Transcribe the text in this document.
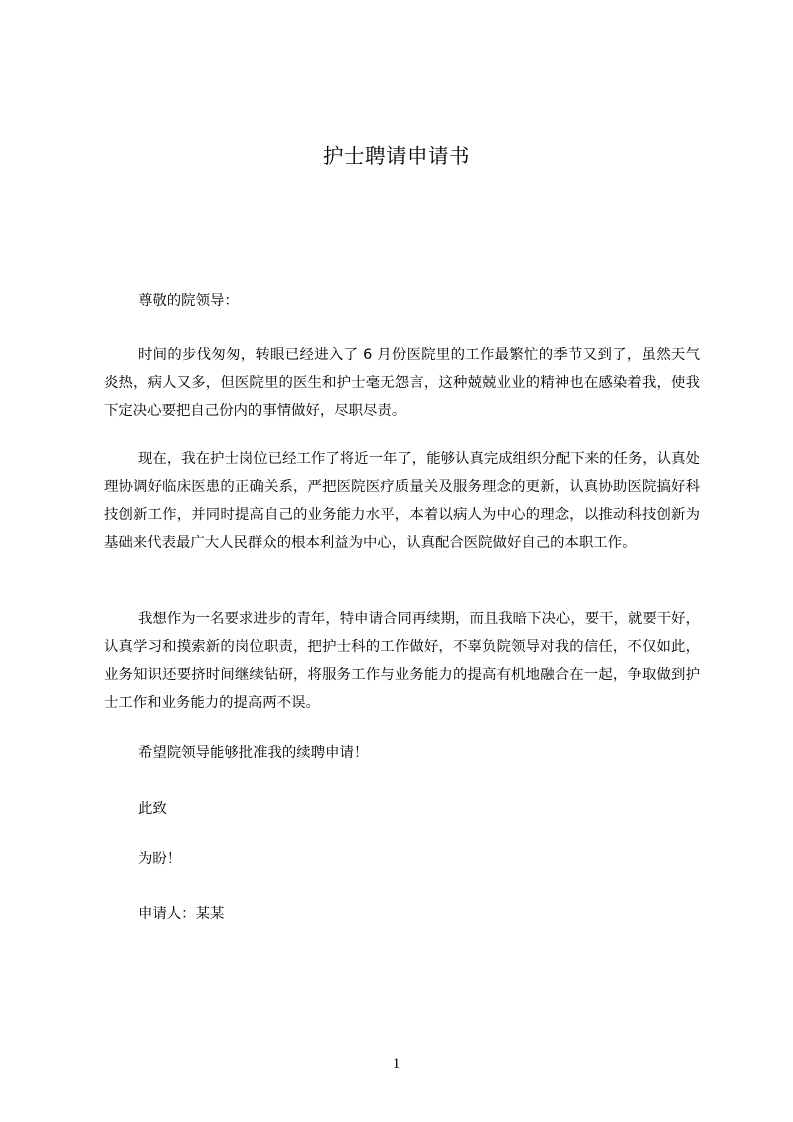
护士聘请申请书

尊敬的院领导：

时间的步伐匆匆，转眼已经进入了 6 月份医院里的工作最繁忙的季节又到了，虽然天气炎热，病人又多，但医院里的医生和护士毫无怨言，这种兢兢业业的精神也在感染着我，使我下定决心要把自己份内的事情做好，尽职尽责。

现在，我在护士岗位已经工作了将近一年了，能够认真完成组织分配下来的任务，认真处理协调好临床医患的正确关系，严把医院医疗质量关及服务理念的更新，认真协助医院搞好科技创新工作，并同时提高自己的业务能力水平，本着以病人为中心的理念，以推动科技创新为基础来代表最广大人民群众的根本利益为中心，认真配合医院做好自己的本职工作。

我想作为一名要求进步的青年，特申请合同再续期，而且我暗下决心，要干，就要干好，认真学习和摸索新的岗位职责，把护士科的工作做好，不辜负院领导对我的信任，不仅如此，业务知识还要挤时间继续钻研，将服务工作与业务能力的提高有机地融合在一起，争取做到护士工作和业务能力的提高两不误。

希望院领导能够批准我的续聘申请！

此致

为盼！

申请人：某某

1
